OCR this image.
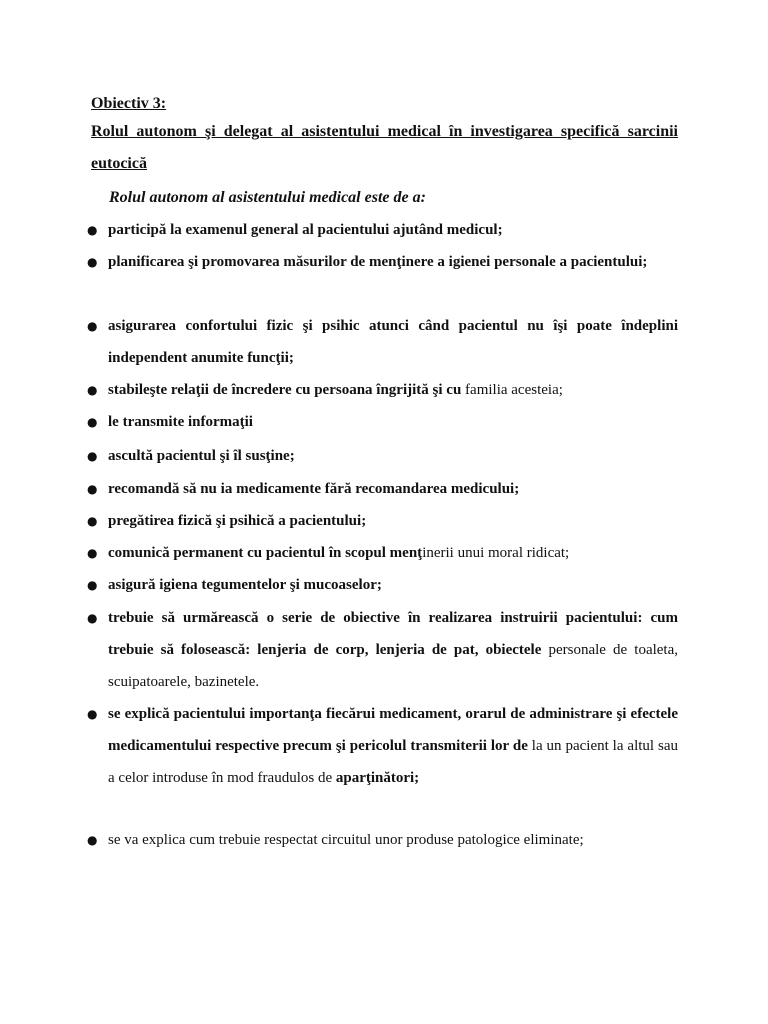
Obiectiv 3:

Rolul autonom şi delegat al asistentului medical în investigarea specifică sarcinii eutocică

Rolul autonom al asistentului medical este de a:

● participă la examenul general al pacientului ajutând medicul;
● planificarea şi promovarea măsurilor de menţinere a igienei personale a pacientului;
● asigurarea confortului fizic şi psihic atunci când pacientul nu îşi poate îndeplini independent anumite funcţii;
● stabileşte relaţii de încredere cu persoana îngrijită şi cu familia acesteia;
● le transmite informaţii
● ascultă pacientul şi îl susţine;
● recomandă să nu ia medicamente fără recomandarea medicului;
● pregătirea fizică şi psihică a pacientului;
● comunică permanent cu pacientul în scopul menţinerii unui moral ridicat;
● asigură igiena tegumentelor şi mucoaselor;
● trebuie să urmărească o serie de obiective în realizarea instruirii pacientului: cum trebuie să folosească: lenjeria de corp, lenjeria de pat, obiectele personale de toaleta, scuipatoarele, bazinetele.
● se explică pacientului importanţa fiecărui medicament, orarul de administrare şi efectele medicamentului respective precum şi pericolul transmiterii lor de la un pacient la altul sau a celor introduse în mod fraudulos de aparţinători;
● se va explica cum trebuie respectat circuitul unor produse patologice eliminate;
